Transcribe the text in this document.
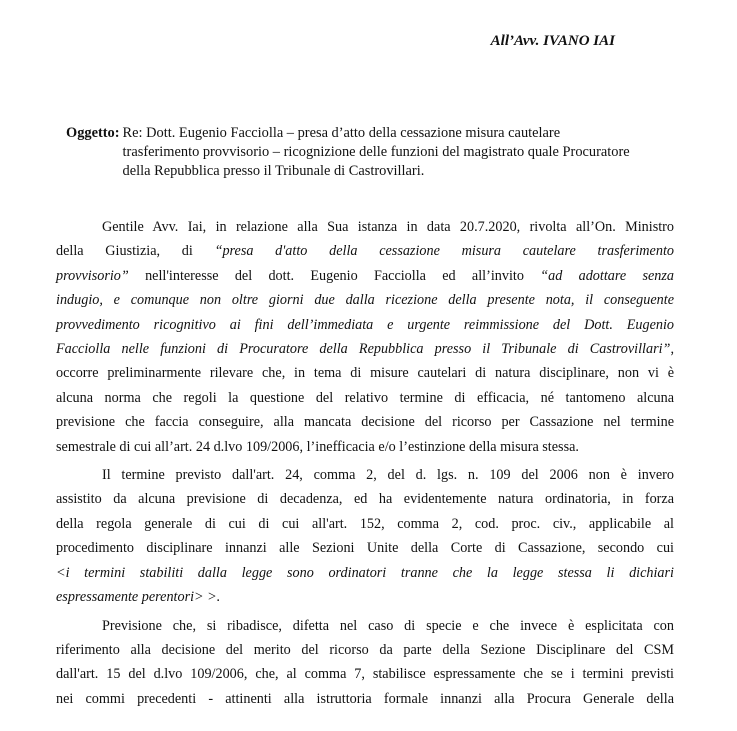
All’Avv. IVANO IAI
Oggetto: Re: Dott. Eugenio Facciolla – presa d’atto della cessazione misura cautelare
trasferimento provvisorio – ricognizione delle funzioni del magistrato quale Procuratore
della Repubblica presso il Tribunale di Castrovillari.
Gentile Avv. Iai, in relazione alla Sua istanza in data 20.7.2020, rivolta all’On. Ministro
della Giustizia, di “presa d'atto della cessazione misura cautelare trasferimento
provvisorio” nell'interesse del dott. Eugenio Facciolla ed all’invito “ad adottare senza
indugio, e comunque non oltre giorni due dalla ricezione della presente nota, il conseguente
provvedimento ricognitivo ai fini dell’immediata e urgente reimmissione del Dott. Eugenio
Facciolla nelle funzioni di Procuratore della Repubblica presso il Tribunale di Castrovillari”,
occorre preliminarmente rilevare che, in tema di misure cautelari di natura disciplinare, non vi è
alcuna norma che regoli la questione del relativo termine di efficacia, né tantomeno alcuna
previsione che faccia conseguire, alla mancata decisione del ricorso per Cassazione nel termine
semestrale di cui all’art. 24 d.lvo 109/2006, l’inefficacia e/o l’estinzione della misura stessa.
Il termine previsto dall'art. 24, comma 2, del d. lgs. n. 109 del 2006 non è invero
assistito da alcuna previsione di decadenza, ed ha evidentemente natura ordinatoria, in forza
della regola generale di cui di cui all'art. 152, comma 2, cod. proc. civ., applicabile al
procedimento disciplinare innanzi alle Sezioni Unite della Corte di Cassazione, secondo cui
<i termini stabiliti dalla legge sono ordinatori tranne che la legge stessa li dichiari
espressamente perentori> >.
Previsione che, si ribadisce, difetta nel caso di specie e che invece è esplicitata con
riferimento alla decisione del merito del ricorso da parte della Sezione Disciplinare del CSM
dall'art. 15 del d.lvo 109/2006, che, al comma 7, stabilisce espressamente che se i termini previsti
nei commi precedenti - attinenti alla istruttoria formale innanzi alla Procura Generale della
